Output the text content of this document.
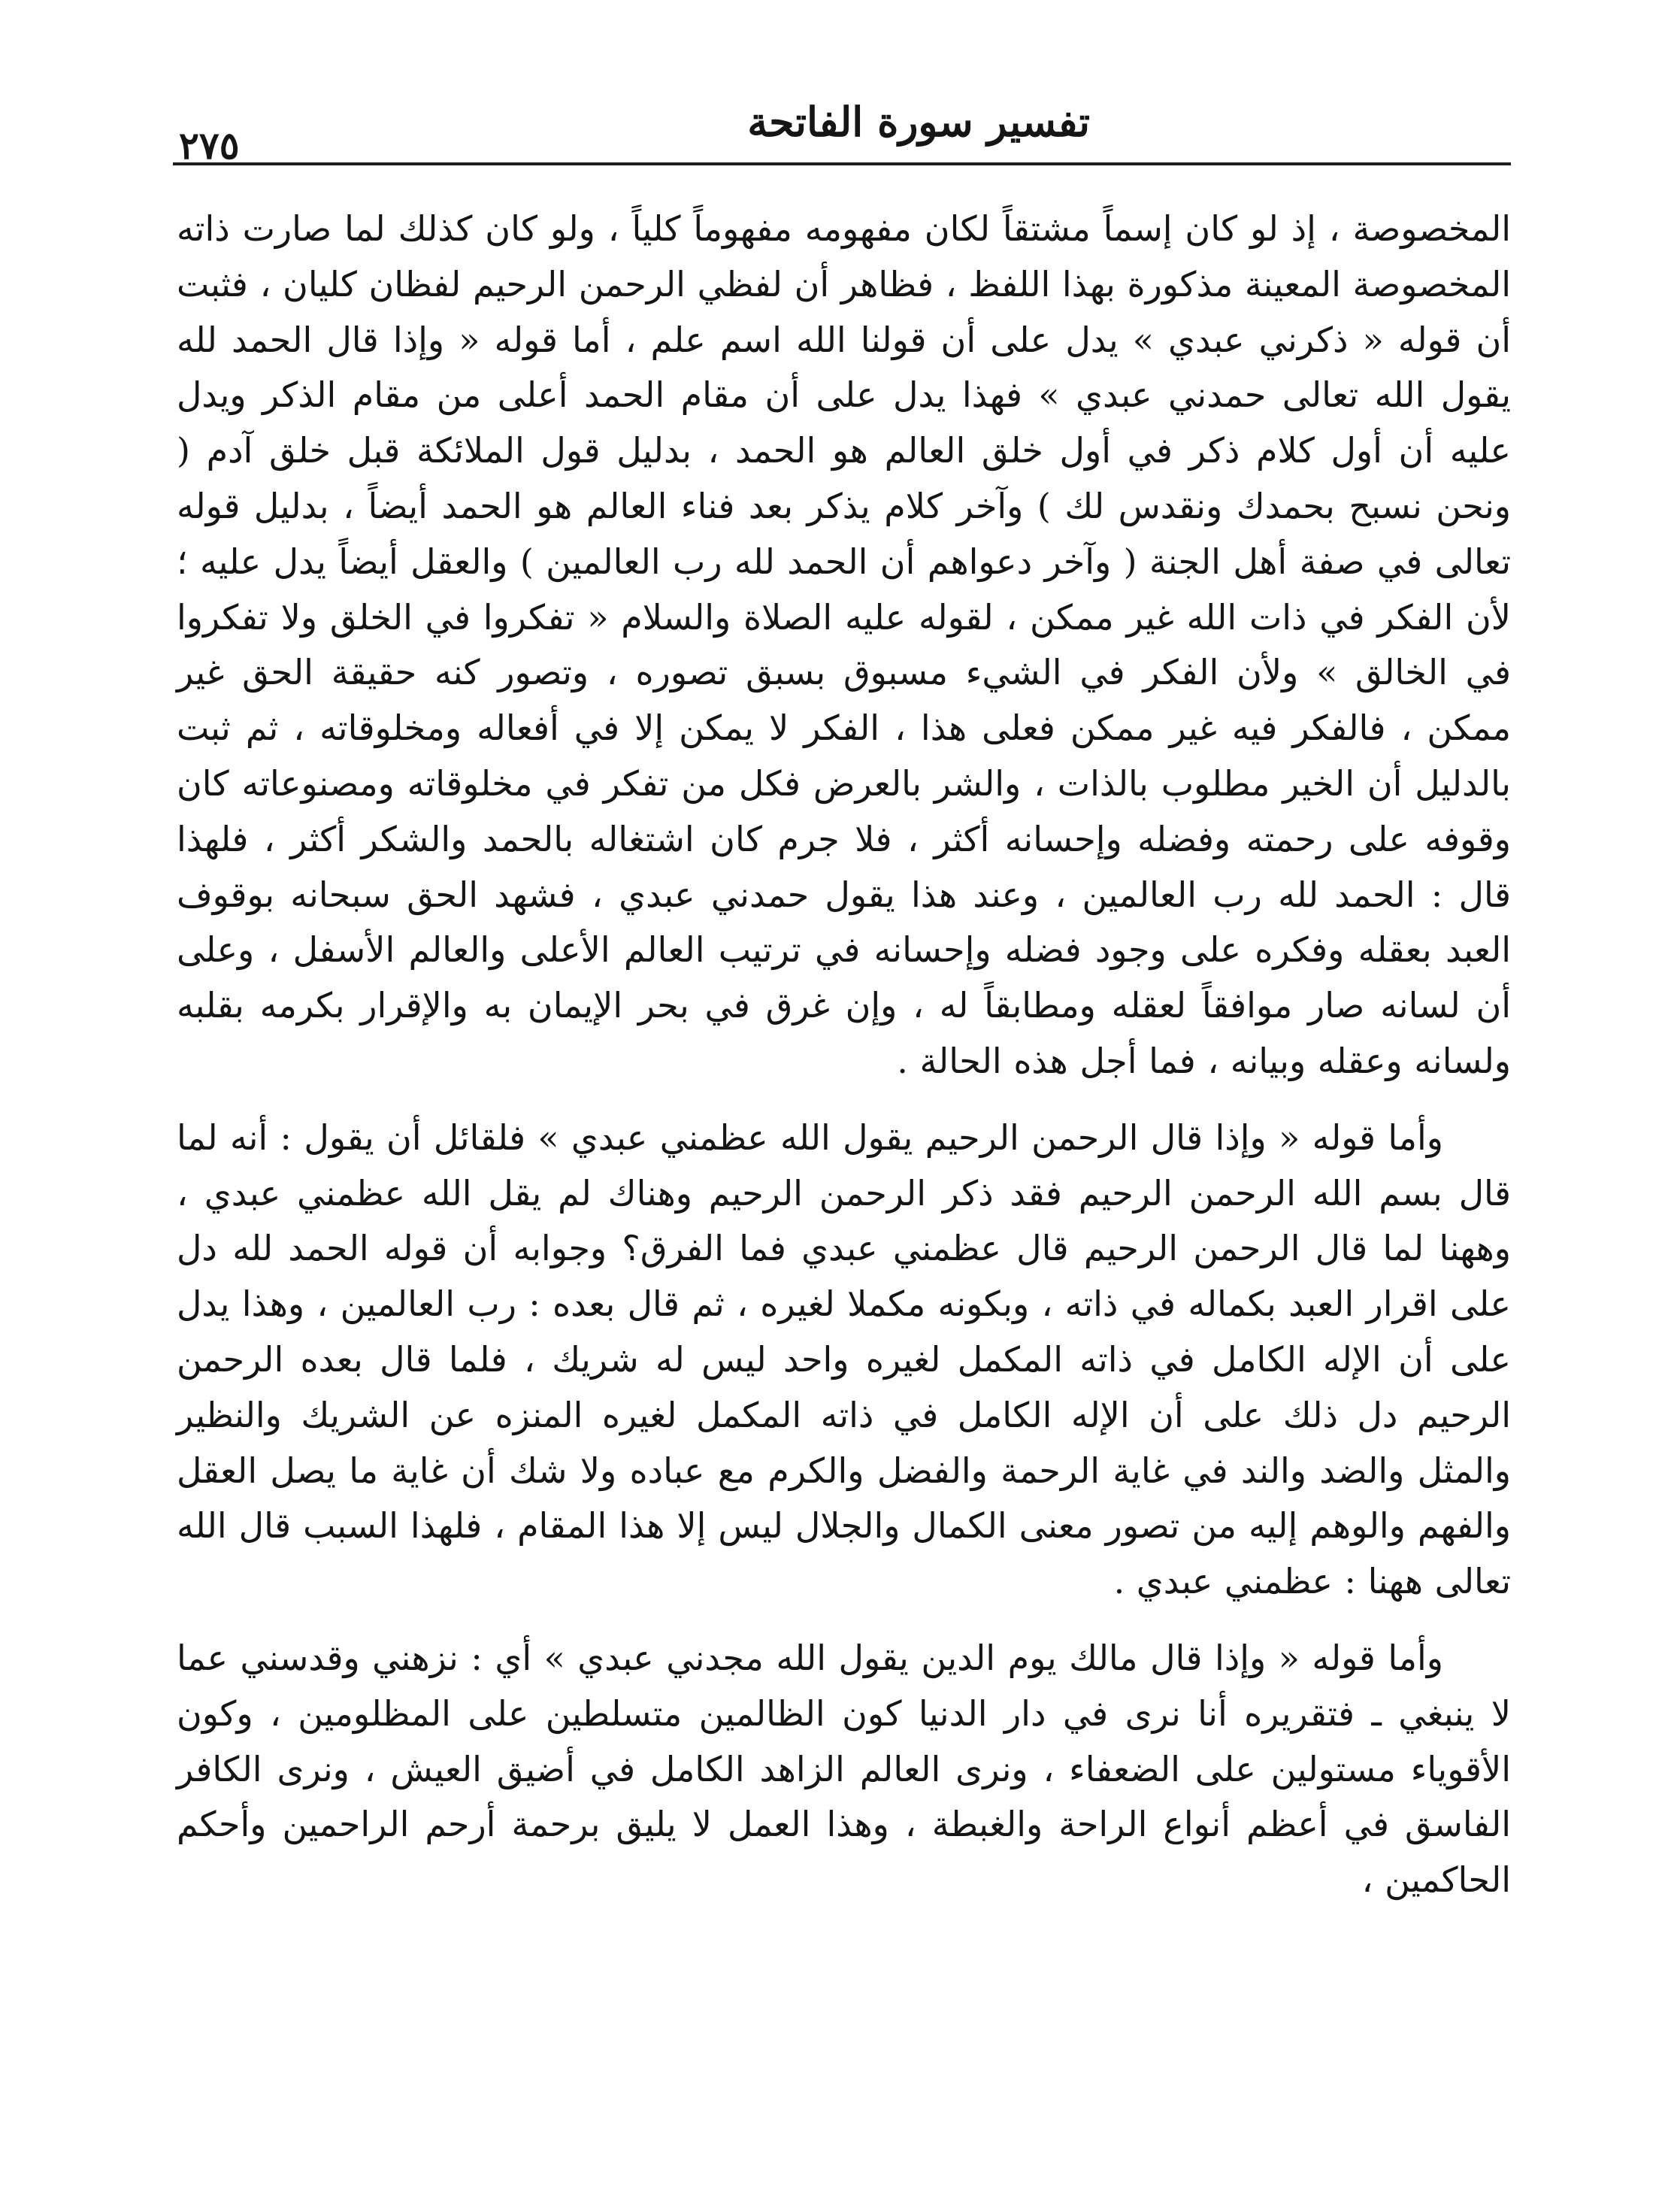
تفسير سورة الفاتحة
٢٧٥

المخصوصة ، إذ لو كان إسماً مشتقاً لكان مفهومه مفهوماً كلياً ، ولو كان كذلك لما صارت ذاته المخصوصة المعينة مذكورة بهذا اللفظ ، فظاهر أن لفظي الرحمن الرحيم لفظان كليان ، فثبت أن قوله « ذكرني عبدي » يدل على أن قولنا الله اسم علم ، أما قوله « وإذا قال الحمد لله يقول الله تعالى حمدني عبدي » فهذا يدل على أن مقام الحمد أعلى من مقام الذكر ويدل عليه أن أول كلام ذكر في أول خلق العالم هو الحمد ، بدليل قول الملائكة قبل خلق آدم ( ونحن نسبح بحمدك ونقدس لك ) وآخر كلام يذكر بعد فناء العالم هو الحمد أيضاً ، بدليل قوله تعالى في صفة أهل الجنة ( وآخر دعواهم أن الحمد لله رب العالمين ) والعقل أيضاً يدل عليه ؛ لأن الفكر في ذات الله غير ممكن ، لقوله عليه الصلاة والسلام « تفكروا في الخلق ولا تفكروا في الخالق » ولأن الفكر في الشيء مسبوق بسبق تصوره ، وتصور كنه حقيقة الحق غير ممكن ، فالفكر فيه غير ممكن فعلى هذا ، الفكر لا يمكن إلا في أفعاله ومخلوقاته ، ثم ثبت بالدليل أن الخير مطلوب بالذات ، والشر بالعرض فكل من تفكر في مخلوقاته ومصنوعاته كان وقوفه على رحمته وفضله وإحسانه أكثر ، فلا جرم كان اشتغاله بالحمد والشكر أكثر ، فلهذا قال : الحمد لله رب العالمين ، وعند هذا يقول حمدني عبدي ، فشهد الحق سبحانه بوقوف العبد بعقله وفكره على وجود فضله وإحسانه في ترتيب العالم الأعلى والعالم الأسفل ، وعلى أن لسانه صار موافقاً لعقله ومطابقاً له ، وإن غرق في بحر الإيمان به والإقرار بكرمه بقلبه ولسانه وعقله وبيانه ، فما أجل هذه الحالة .

وأما قوله « وإذا قال الرحمن الرحيم يقول الله عظمني عبدي » فلقائل أن يقول : أنه لما قال بسم الله الرحمن الرحيم فقد ذكر الرحمن الرحيم وهناك لم يقل الله عظمني عبدي ، وههنا لما قال الرحمن الرحيم قال عظمني عبدي فما الفرق؟ وجوابه أن قوله الحمد لله دل على اقرار العبد بكماله في ذاته ، وبكونه مكملا لغيره ، ثم قال بعده : رب العالمين ، وهذا يدل على أن الإله الكامل في ذاته المكمل لغيره واحد ليس له شريك ، فلما قال بعده الرحمن الرحيم دل ذلك على أن الإله الكامل في ذاته المكمل لغيره المنزه عن الشريك والنظير والمثل والضد والند في غاية الرحمة والفضل والكرم مع عباده ولا شك أن غاية ما يصل العقل والفهم والوهم إليه من تصور معنى الكمال والجلال ليس إلا هذا المقام ، فلهذا السبب قال الله تعالى ههنا : عظمني عبدي .

وأما قوله « وإذا قال مالك يوم الدين يقول الله مجدني عبدي » أي : نزهني وقدسني عما لا ينبغي ـ فتقريره أنا نرى في دار الدنيا كون الظالمين متسلطين على المظلومين ، وكون الأقوياء مستولين على الضعفاء ، ونرى العالم الزاهد الكامل في أضيق العيش ، ونرى الكافر الفاسق في أعظم أنواع الراحة والغبطة ، وهذا العمل لا يليق برحمة أرحم الراحمين وأحكم الحاكمين ،
